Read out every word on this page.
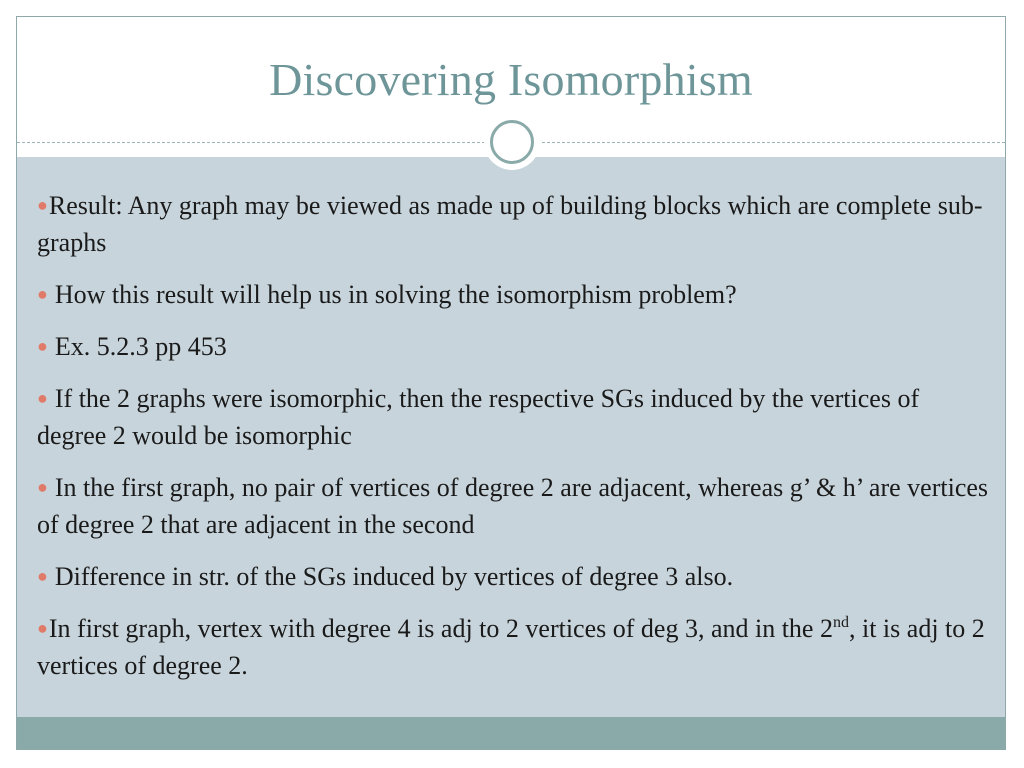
Discovering Isomorphism
●Result: Any graph may be viewed as made up of building blocks which are complete sub-graphs
● How this result will help us in solving the isomorphism problem?
● Ex. 5.2.3 pp 453
● If the 2 graphs were isomorphic, then the respective SGs induced by the vertices of degree 2 would be isomorphic
● In the first graph, no pair of vertices of degree 2 are adjacent, whereas g’ & h’ are vertices of degree 2 that are adjacent in the second
● Difference in str. of the SGs induced by vertices of degree 3 also.
●In first graph, vertex with degree 4 is adj to 2 vertices of deg 3, and in the 2nd, it is adj to 2 vertices of degree 2.
